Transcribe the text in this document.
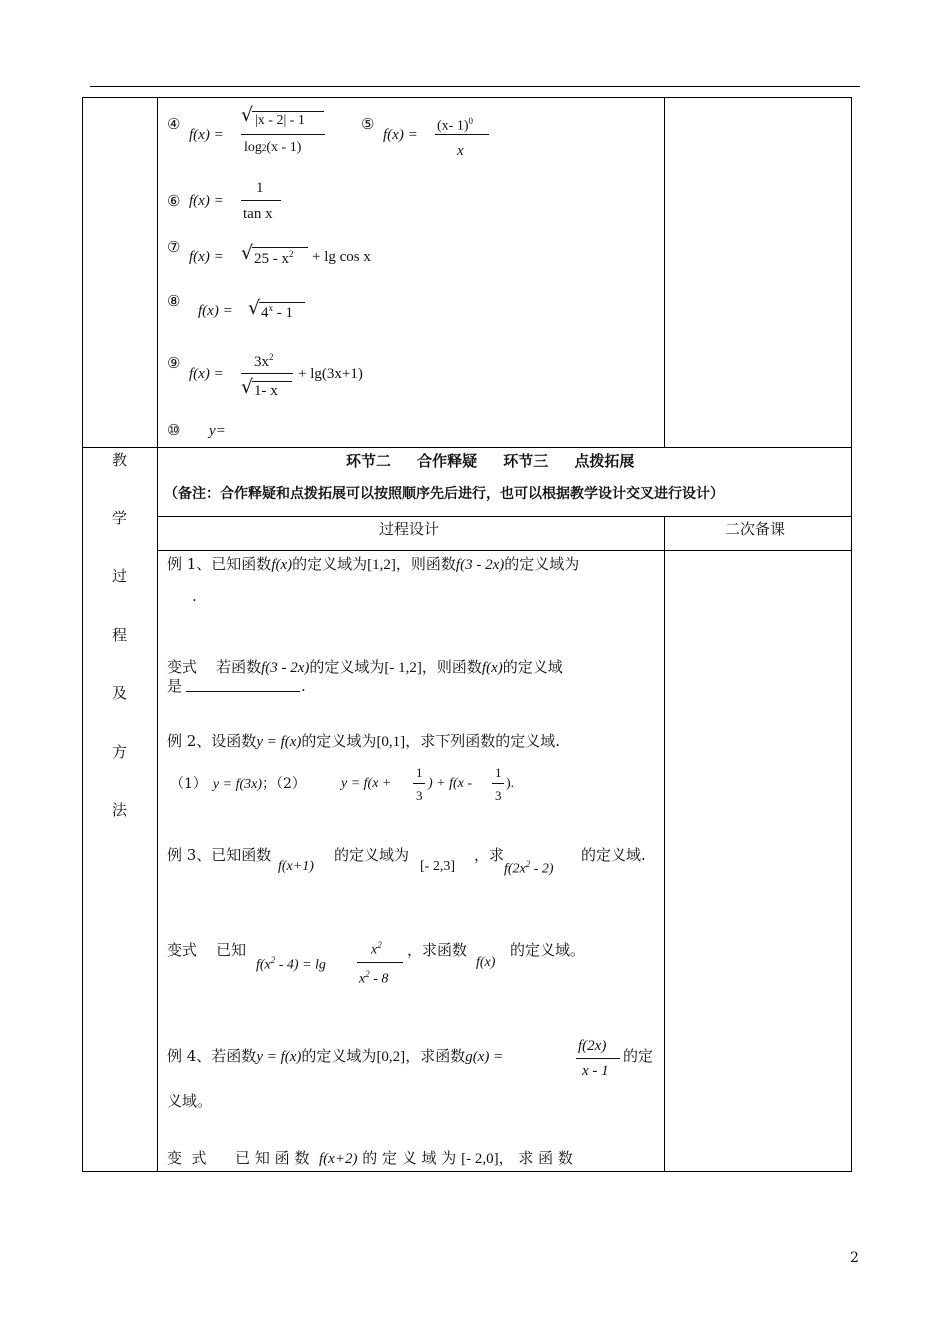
④
f(x) =
√ |x - 2| - 1
log2(x - 1)
⑤
f(x) =
(x- 1)$^0$
x
⑥ f(x) =
1
tan x
⑦
f(x) = √ $25 - x^2 + \lg \cos x$
⑧
f(x) = √ 4$^x$ - 1
⑨
f(x) =
$3x^2$
√ 1- x
+ lg(3x+1)
⑩ y=
教
学
过
程
及
方
法
环节二     合作释疑     环节三     点拨拓展
（备注：合作释疑和点拨拓展可以按照顺序先后进行，也可以根据教学设计交叉进行设计）
过程设计	二次备课
例 1、已知函数f(x)的定义域为[1,2]，则函数f(3 - 2x)的定义域为
.

变式    若函数f(3 - 2x)的定义域为[- 1,2]，则函数f(x)的定义域
是	.
例 2、设函数y = f(x)的定义域为[0,1]，求下列函数的定义域.
（1） y = f(3x)；（2）	y = f(x +
1
3
) + f(x -
1
3
).
例 3、已知函数
f(x+1)
的定义域为
[- 2,3]
，求
$f(2x^2 - 2)$
的定义域.
变式    已知
$f(x^2 - 4) = \lg$
$x^2$
$x^2 - 8$
，求函数
f(x)
的定义域。
例 4、若函数y = f(x)的定义域为[0,2]，求函数g(x) =
f(2x)
x - 1
的定
义域。
变  式      已 知 函 数 f(x+2) 的 定 义 域 为 [- 2,0]， 求 函 数
2
